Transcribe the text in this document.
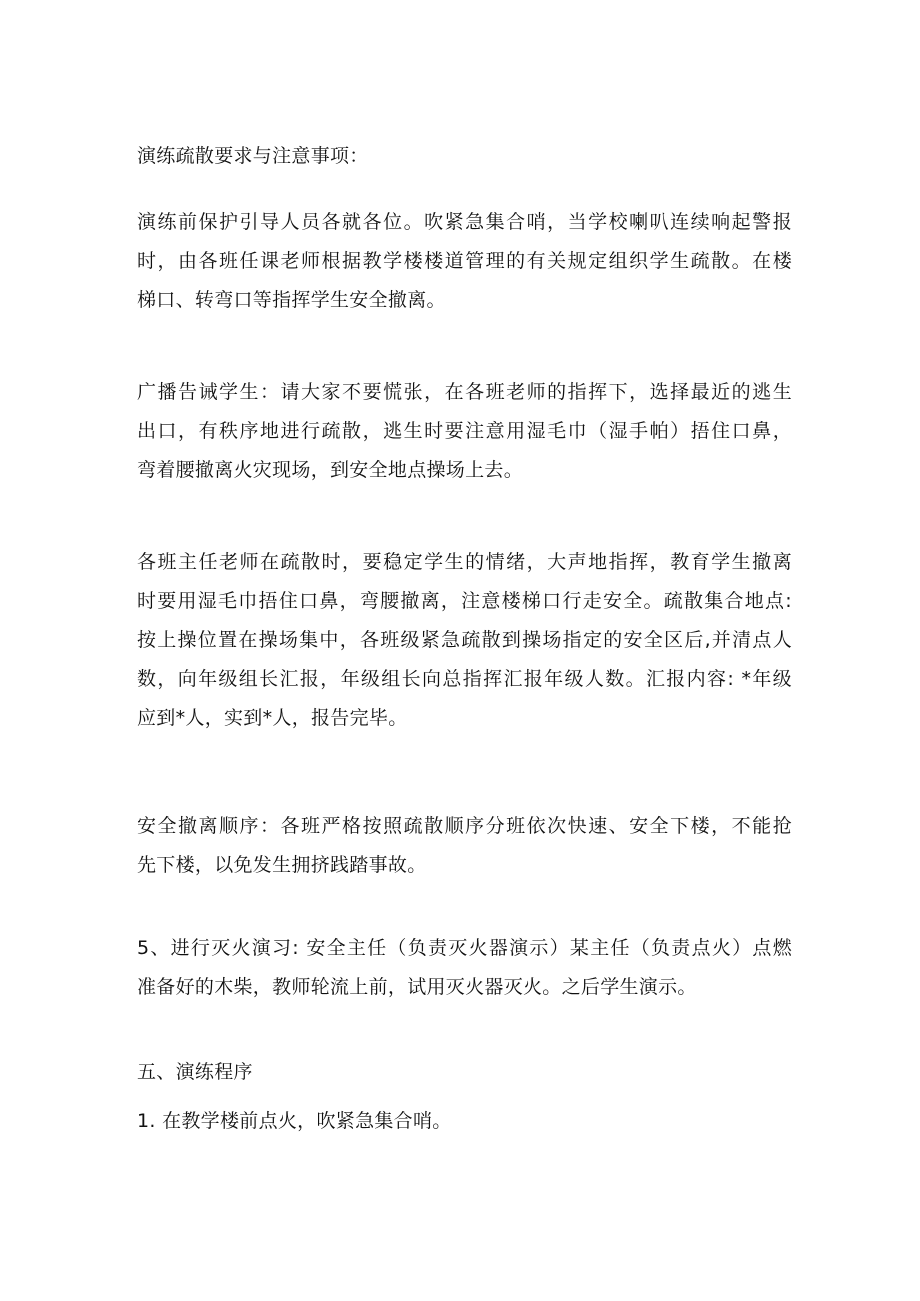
演练疏散要求与注意事项：

演练前保护引导人员各就各位。吹紧急集合哨，当学校喇叭连续响起警报
时，由各班任课老师根据教学楼楼道管理的有关规定组织学生疏散。在楼
梯口、转弯口等指挥学生安全撤离。

广播告诫学生：请大家不要慌张，在各班老师的指挥下，选择最近的逃生
出口，有秩序地进行疏散，逃生时要注意用湿毛巾（湿手帕）捂住口鼻，
弯着腰撤离火灾现场，到安全地点操场上去。

各班主任老师在疏散时，要稳定学生的情绪，大声地指挥，教育学生撤离
时要用湿毛巾捂住口鼻，弯腰撤离，注意楼梯口行走安全。疏散集合地点:
按上操位置在操场集中，各班级紧急疏散到操场指定的安全区后,并清点人
数，向年级组长汇报，年级组长向总指挥汇报年级人数。汇报内容: *年级
应到*人，实到*人，报告完毕。

安全撤离顺序：各班严格按照疏散顺序分班依次快速、安全下楼，不能抢
先下楼，以免发生拥挤践踏事故。

5、进行灭火演习: 安全主任（负责灭火器演示）某主任（负责点火）点燃
准备好的木柴，教师轮流上前，试用灭火器灭火。之后学生演示。

五、演练程序

1. 在教学楼前点火，吹紧急集合哨。
